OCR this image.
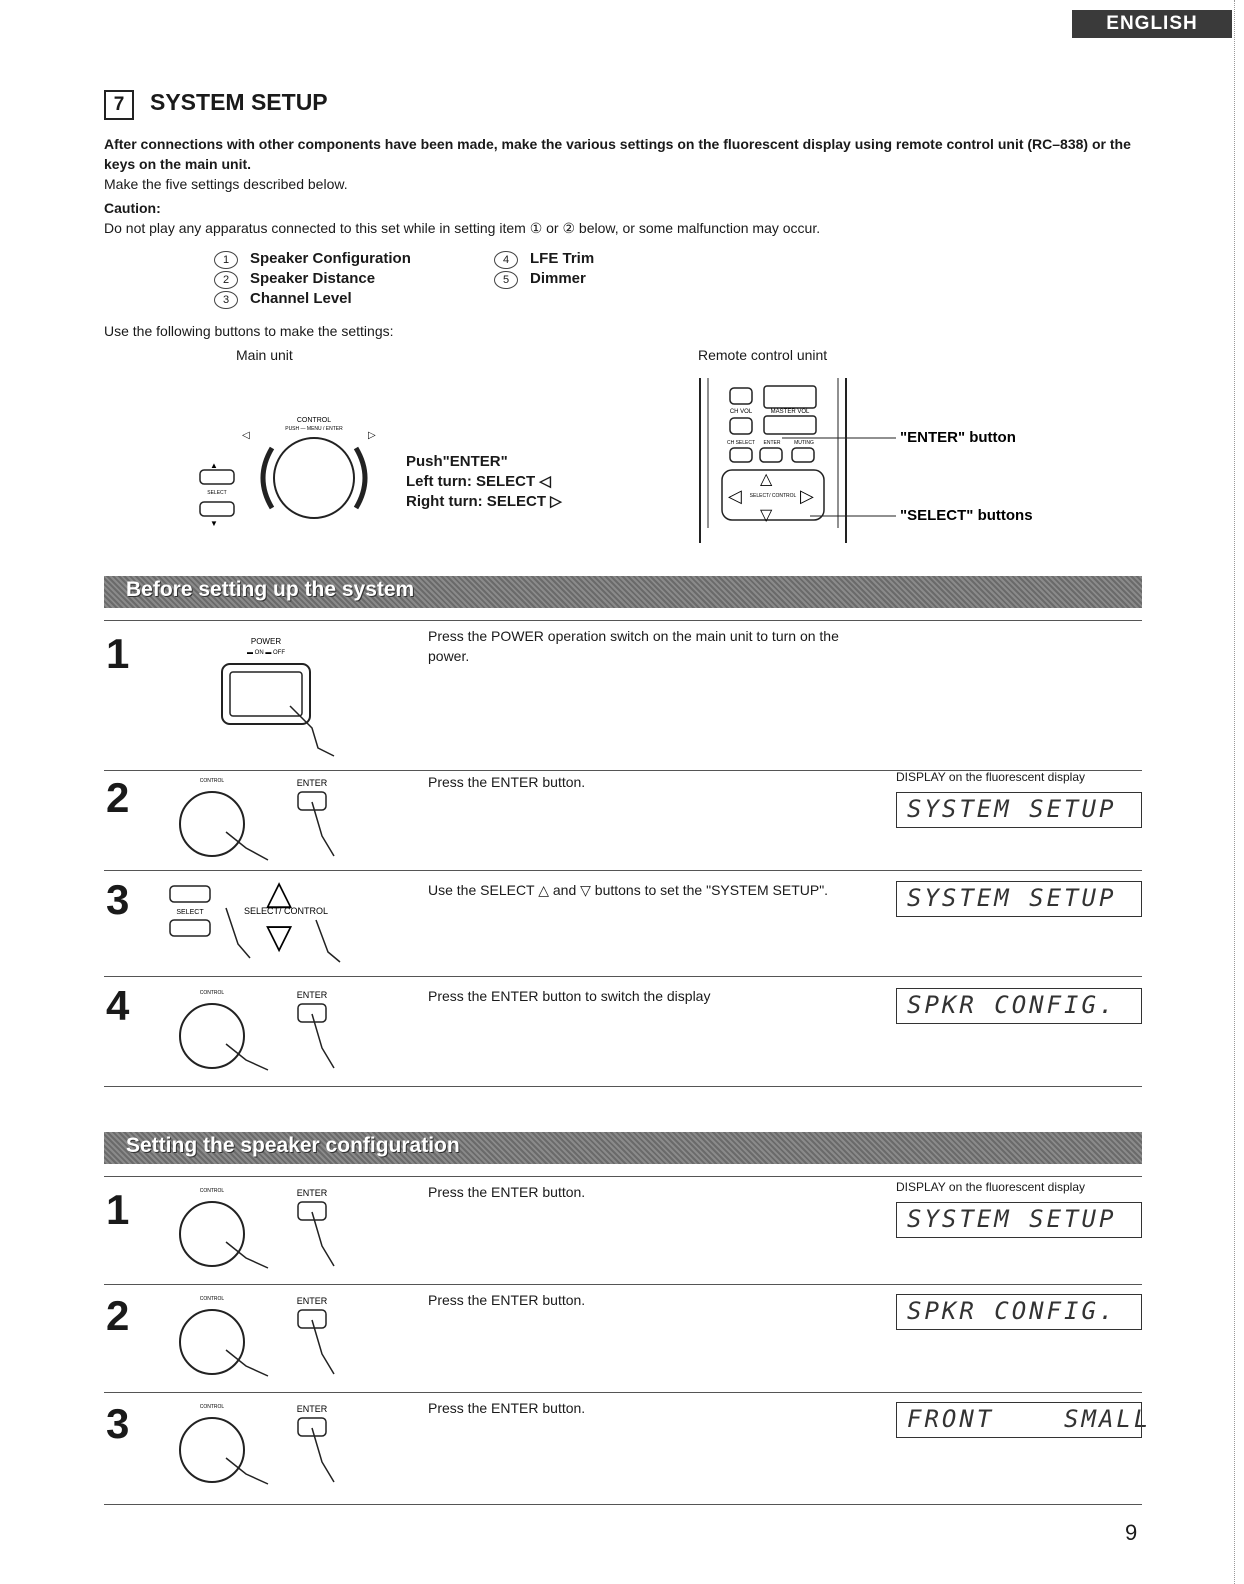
ENGLISH
7	SYSTEM SETUP
After connections with other components have been made, make the various settings on the fluorescent display using remote control unit (RC–838) or the keys on the main unit.
Make the five settings described below.
Caution:
Do not play any apparatus connected to this set while in setting item ① or ② below, or some malfunction may occur.
1 Speaker Configuration
2 Speaker Distance
3 Channel Level
4 LFE Trim
5 Dimmer
Use the following buttons to make the settings:
Main unit	Remote control unint
CONTROL
PUSH — MENU / ENTER
◁	▷
SELECT
▲
▼
Push"ENTER"
Left turn: SELECT ◁
Right turn: SELECT ▷
CH VOL	MASTER VOL
CH SELECT ENTER	MUTING
△
◁	▷
▽
SELECT/ CONTROL
"ENTER" button
"SELECT" buttons
Before setting up the system
1	POWER
▬ ON ▬ OFF
Press the POWER operation switch on the main unit to turn on the power.
2	CONTROL	ENTER	Press the ENTER button.	DISPLAY on the fluorescent display
SYSTEM SETUP
3	SELECT
△
SELECT/ CONTROL
▽
Use the SELECT △ and ▽ buttons to set the "SYSTEM SETUP".	SYSTEM SETUP
4	CONTROL	ENTER	Press the ENTER button to switch the display	SPKR CONFIG.
Setting the speaker configuration
1	CONTROL	ENTER	Press the ENTER button.	DISPLAY on the fluorescent display
SYSTEM SETUP
2	CONTROL	ENTER	Press the ENTER button.	SPKR CONFIG.
3	CONTROL	ENTER	Press the ENTER button.	FRONT    SMALL
9
